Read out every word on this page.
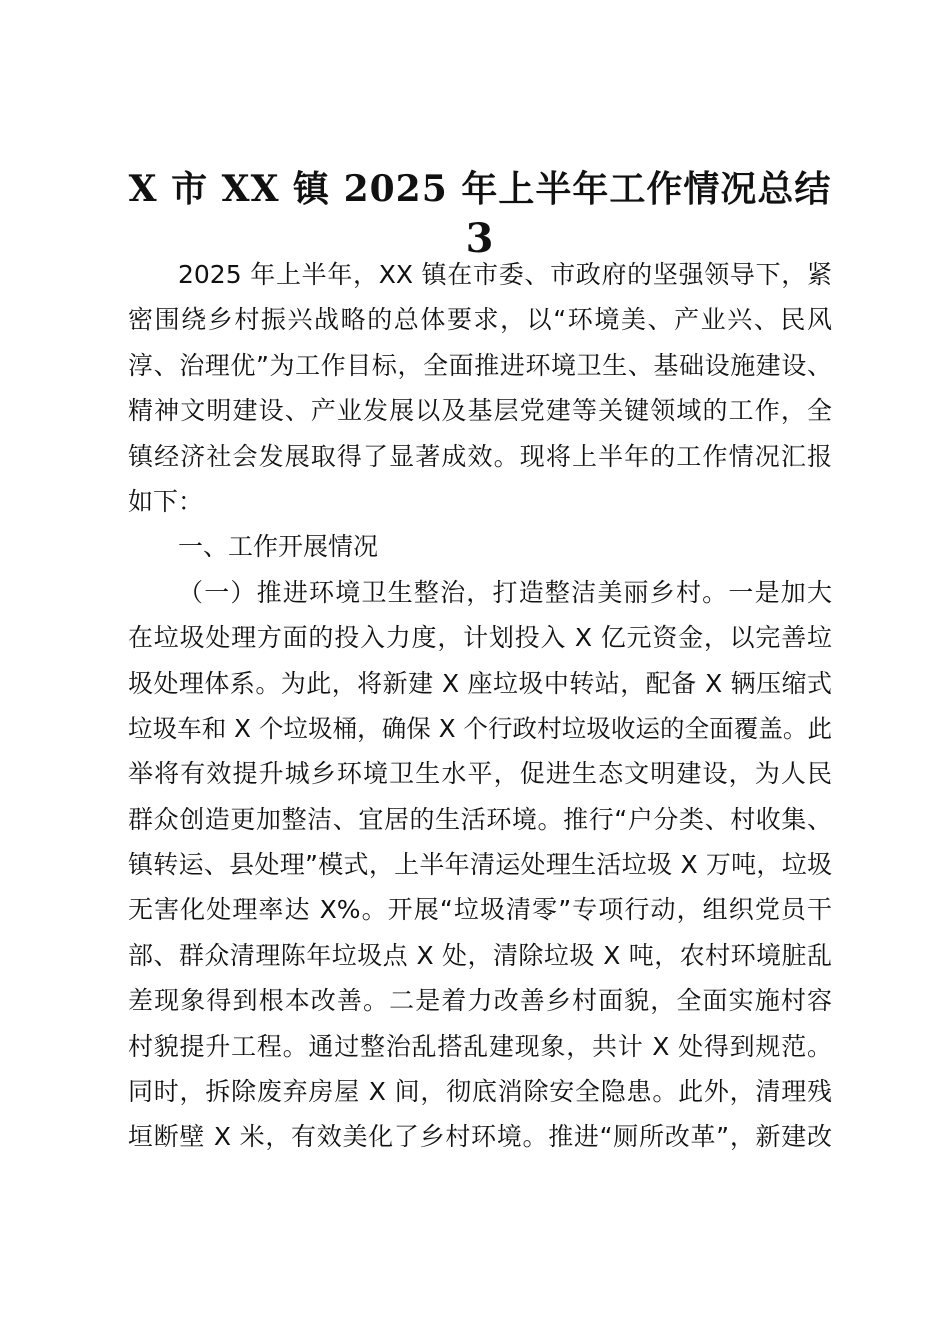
X 市 XX 镇 2025 年上半年工作情况总结
3
2025 年上半年，XX 镇在市委、市政府的坚强领导下，紧
密围绕乡村振兴战略的总体要求，以“环境美、产业兴、民风
淳、治理优”为工作目标，全面推进环境卫生、基础设施建设、
精神文明建设、产业发展以及基层党建等关键领域的工作，全
镇经济社会发展取得了显著成效。现将上半年的工作情况汇报
如下：
一、工作开展情况
（一）推进环境卫生整治，打造整洁美丽乡村。一是加大
在垃圾处理方面的投入力度，计划投入 X 亿元资金，以完善垃
圾处理体系。为此，将新建 X 座垃圾中转站，配备 X 辆压缩式
垃圾车和 X 个垃圾桶，确保 X 个行政村垃圾收运的全面覆盖。此
举将有效提升城乡环境卫生水平，促进生态文明建设，为人民
群众创造更加整洁、宜居的生活环境。推行“户分类、村收集、
镇转运、县处理”模式，上半年清运处理生活垃圾 X 万吨，垃圾
无害化处理率达 X%。开展“垃圾清零”专项行动，组织党员干
部、群众清理陈年垃圾点 X 处，清除垃圾 X 吨，农村环境脏乱
差现象得到根本改善。二是着力改善乡村面貌，全面实施村容
村貌提升工程。通过整治乱搭乱建现象，共计 X 处得到规范。
同时，拆除废弃房屋 X 间，彻底消除安全隐患。此外，清理残
垣断壁 X 米，有效美化了乡村环境。推进“厕所改革”，新建改
